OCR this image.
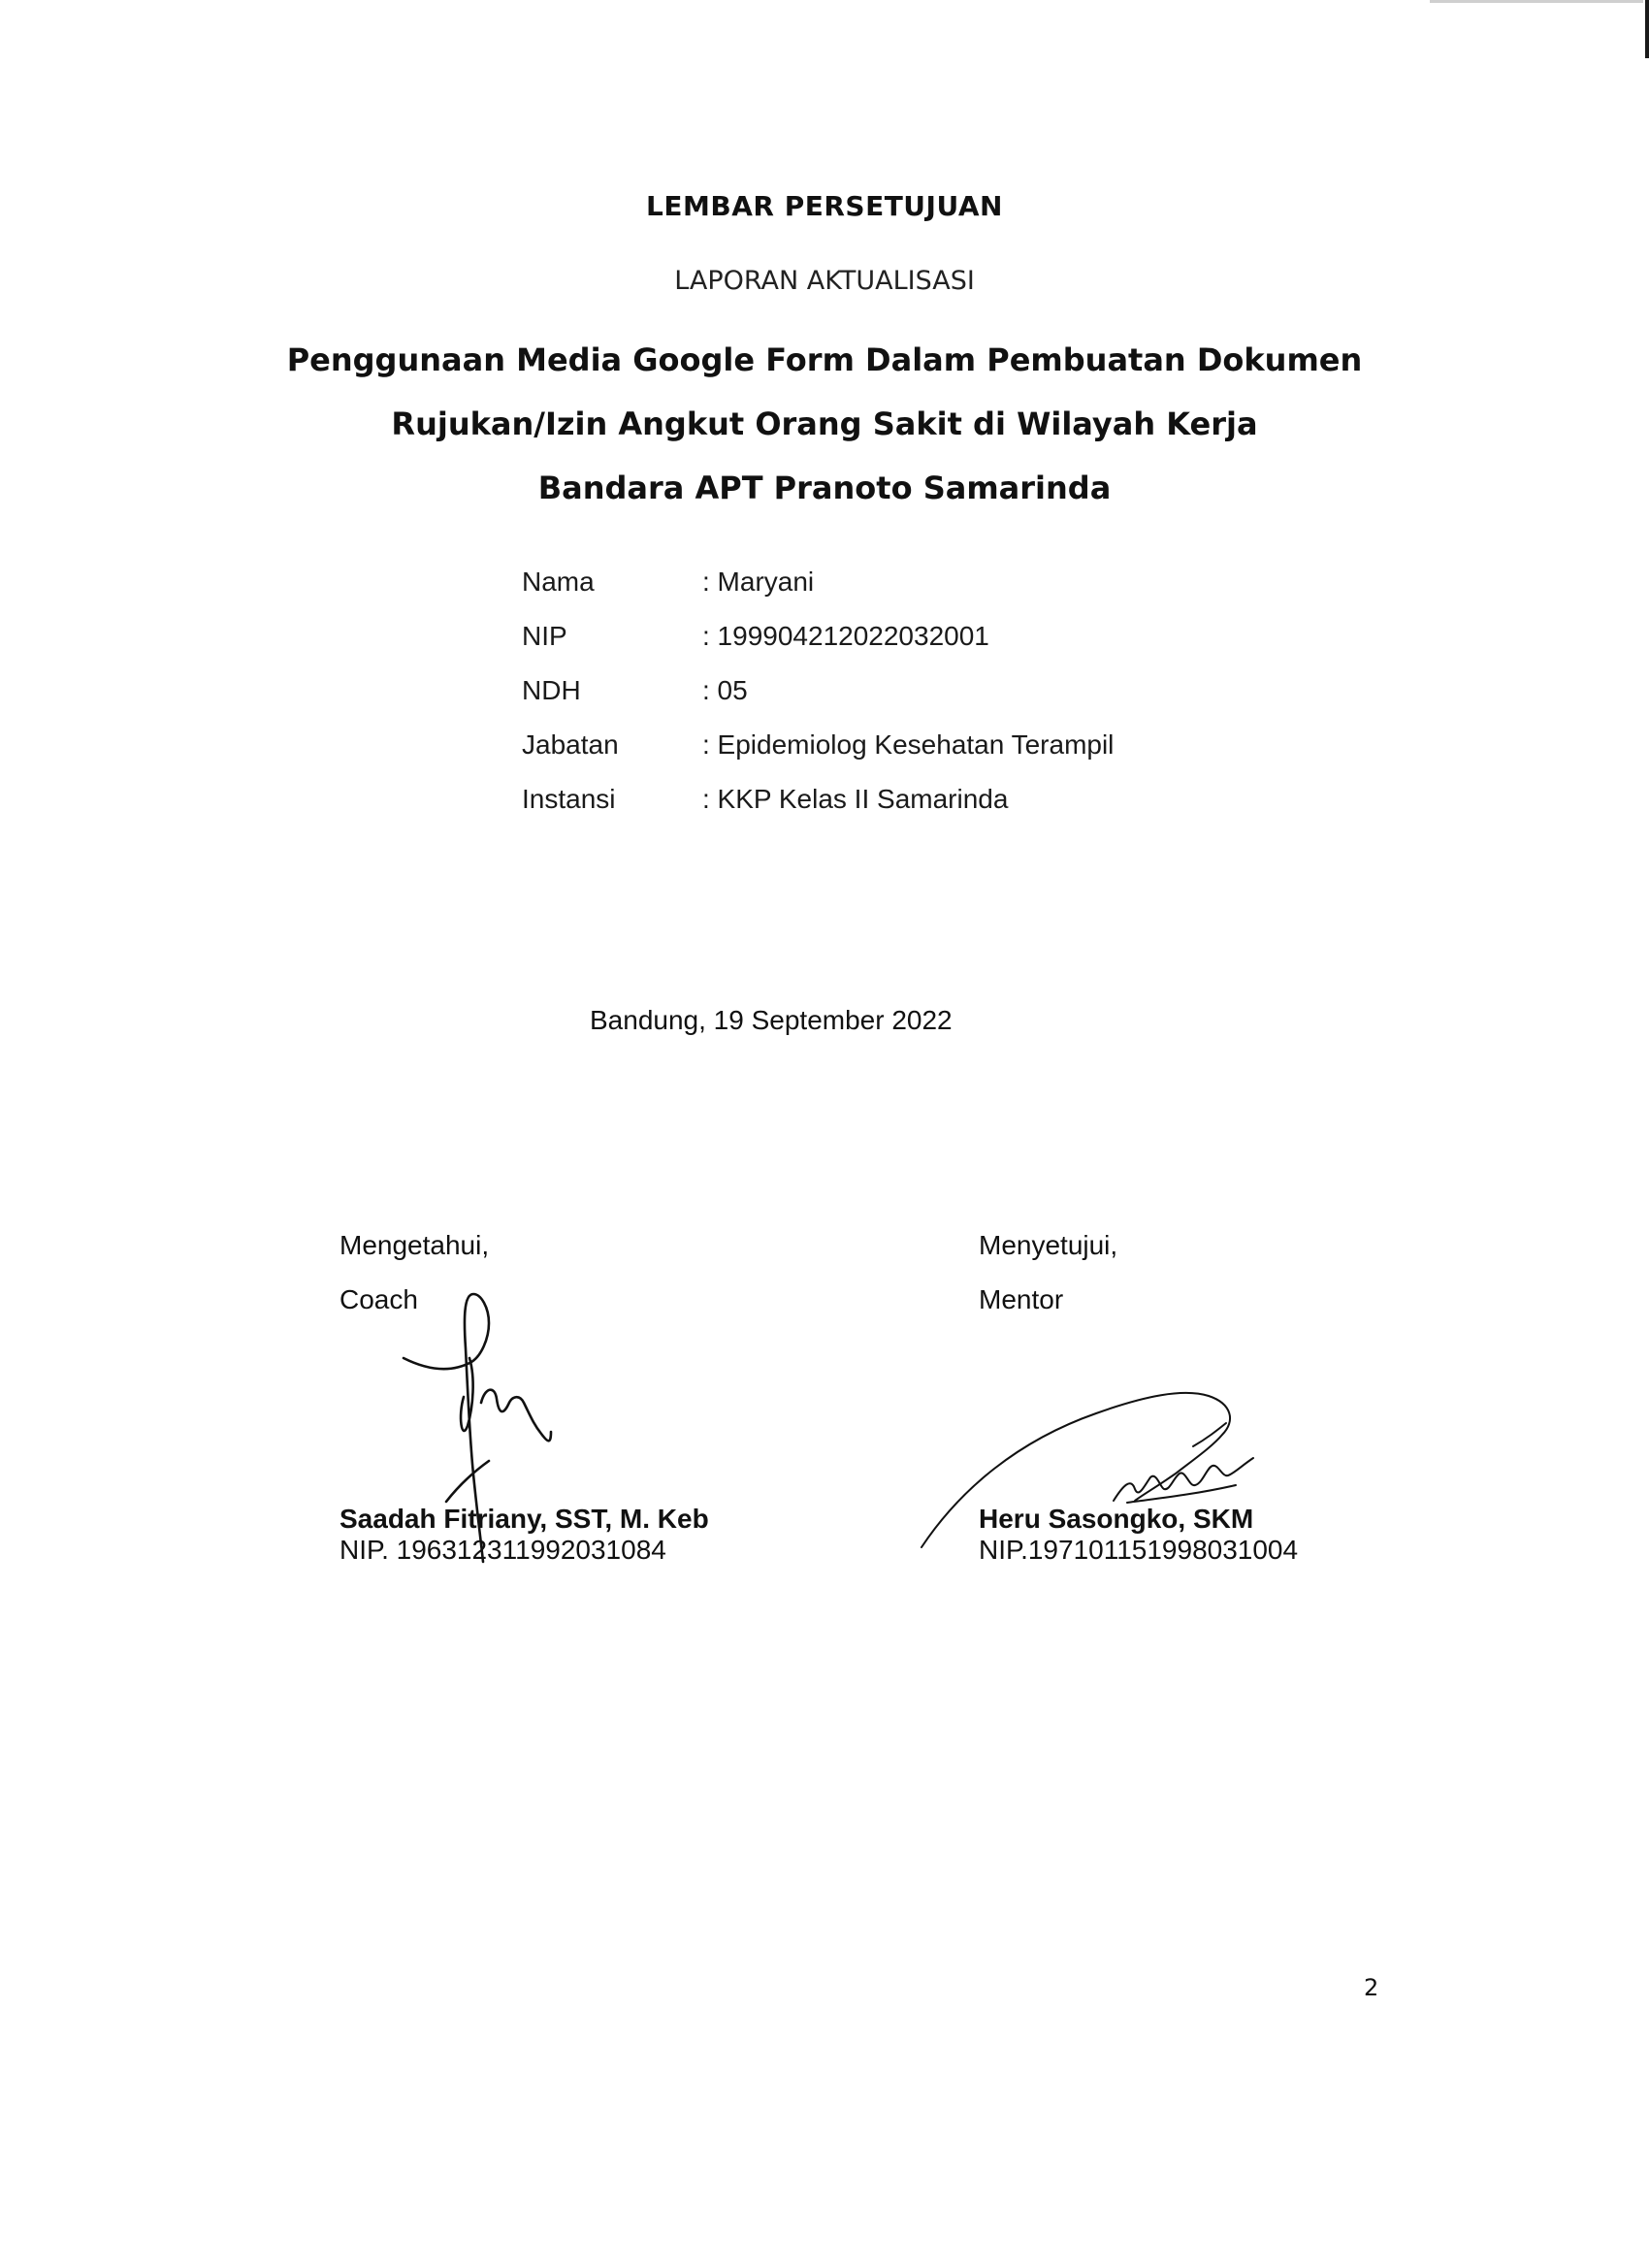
LEMBAR PERSETUJUAN
LAPORAN AKTUALISASI
Penggunaan Media Google Form Dalam Pembuatan Dokumen
Rujukan/Izin Angkut Orang Sakit di Wilayah Kerja
Bandara APT Pranoto Samarinda
Nama	: Maryani
NIP	: 199904212022032001
NDH	: 05
Jabatan	: Epidemiolog Kesehatan Terampil
Instansi	: KKP Kelas II Samarinda
Bandung, 19 September 2022
Mengetahui,
Coach
Menyetujui,
Mentor
Saadah Fitriany, SST, M. Keb
NIP. 196312311992031084
Heru Sasongko, SKM
NIP.197101151998031004
2
